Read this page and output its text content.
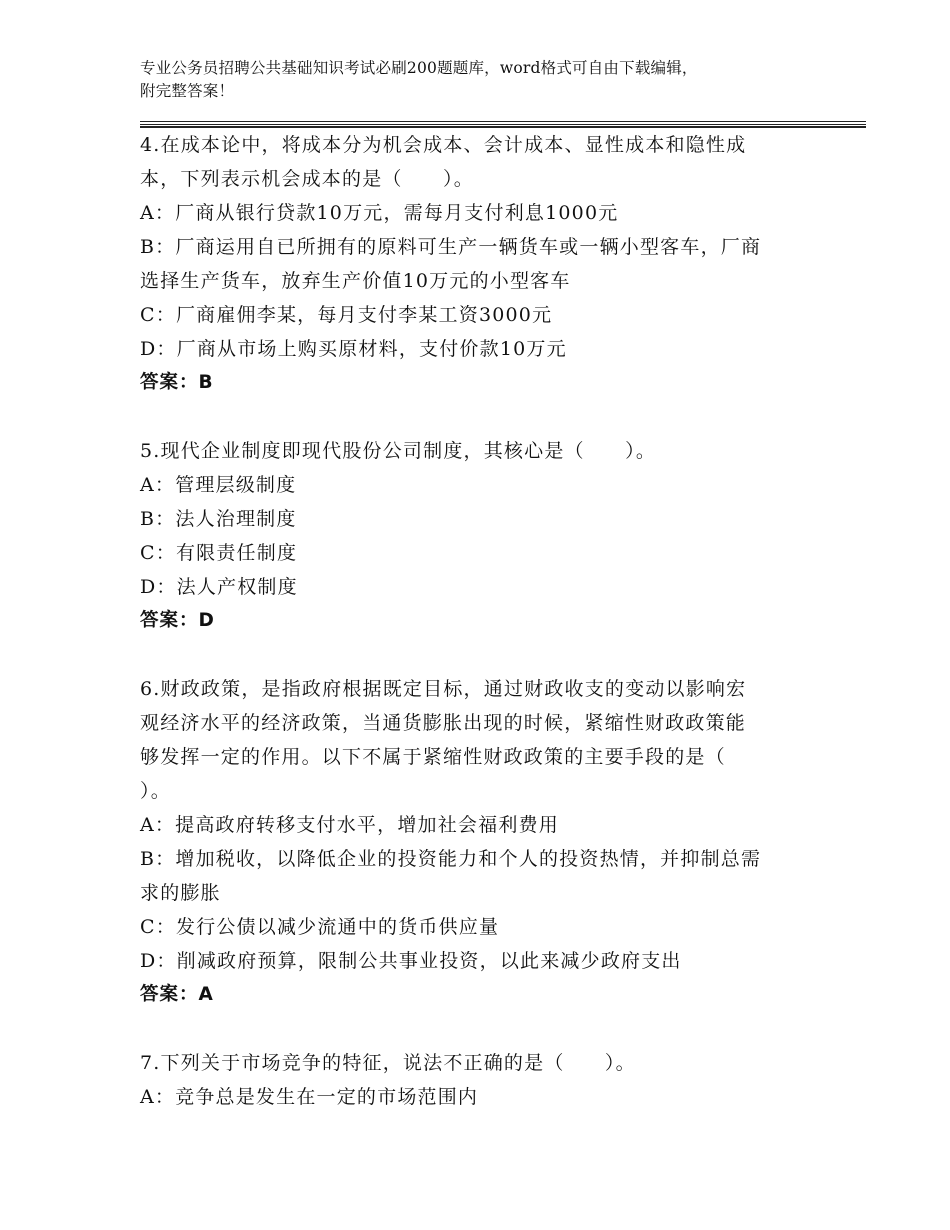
专业公务员招聘公共基础知识考试必刷200题题库，word格式可自由下载编辑，
附完整答案！
4.在成本论中，将成本分为机会成本、会计成本、显性成本和隐性成
本，下列表示机会成本的是（　　）。
A：厂商从银行贷款10万元，需每月支付利息1000元
B：厂商运用自已所拥有的原料可生产一辆货车或一辆小型客车，厂商
选择生产货车，放弃生产价值10万元的小型客车
C：厂商雇佣李某，每月支付李某工资3000元
D：厂商从市场上购买原材料，支付价款10万元
答案：B
5.现代企业制度即现代股份公司制度，其核心是（　　）。
A：管理层级制度
B：法人治理制度
C：有限责任制度
D：法人产权制度
答案：D
6.财政政策，是指政府根据既定目标，通过财政收支的变动以影响宏
观经济水平的经济政策，当通货膨胀出现的时候，紧缩性财政政策能
够发挥一定的作用。以下不属于紧缩性财政政策的主要手段的是（
）。
A：提高政府转移支付水平，增加社会福利费用
B：增加税收，以降低企业的投资能力和个人的投资热情，并抑制总需
求的膨胀
C：发行公债以减少流通中的货币供应量
D：削减政府预算，限制公共事业投资，以此来减少政府支出
答案：A
7.下列关于市场竞争的特征，说法不正确的是（　　）。
A：竞争总是发生在一定的市场范围内
